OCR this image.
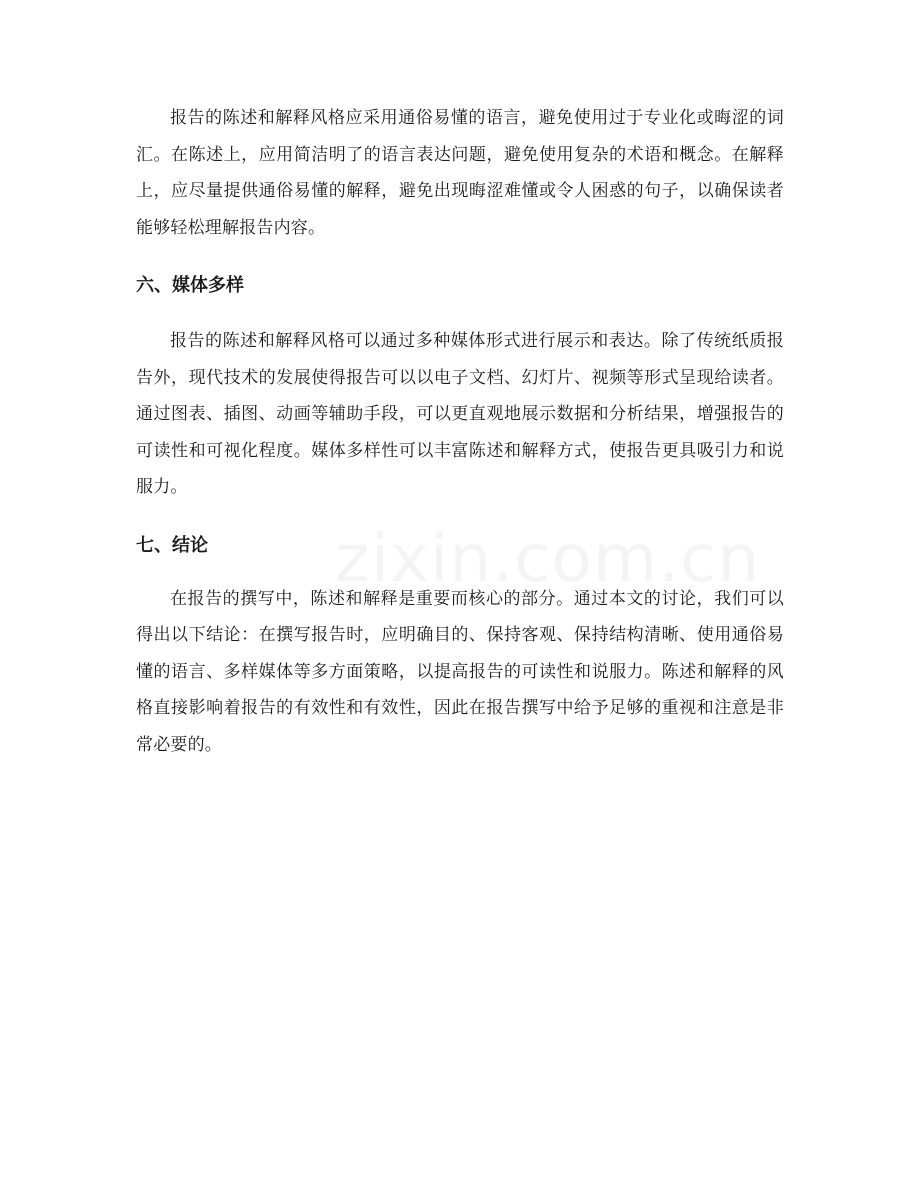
报告的陈述和解释风格应采用通俗易懂的语言，避免使用过于专业化或晦涩的词汇。在陈述上，应用简洁明了的语言表达问题，避免使用复杂的术语和概念。在解释上，应尽量提供通俗易懂的解释，避免出现晦涩难懂或令人困惑的句子，以确保读者能够轻松理解报告内容。

六、媒体多样

报告的陈述和解释风格可以通过多种媒体形式进行展示和表达。除了传统纸质报告外，现代技术的发展使得报告可以以电子文档、幻灯片、视频等形式呈现给读者。通过图表、插图、动画等辅助手段，可以更直观地展示数据和分析结果，增强报告的可读性和可视化程度。媒体多样性可以丰富陈述和解释方式，使报告更具吸引力和说服力。

七、结论

在报告的撰写中，陈述和解释是重要而核心的部分。通过本文的讨论，我们可以得出以下结论：在撰写报告时，应明确目的、保持客观、保持结构清晰、使用通俗易懂的语言、多样媒体等多方面策略，以提高报告的可读性和说服力。陈述和解释的风格直接影响着报告的有效性和有效性，因此在报告撰写中给予足够的重视和注意是非常必要的。
